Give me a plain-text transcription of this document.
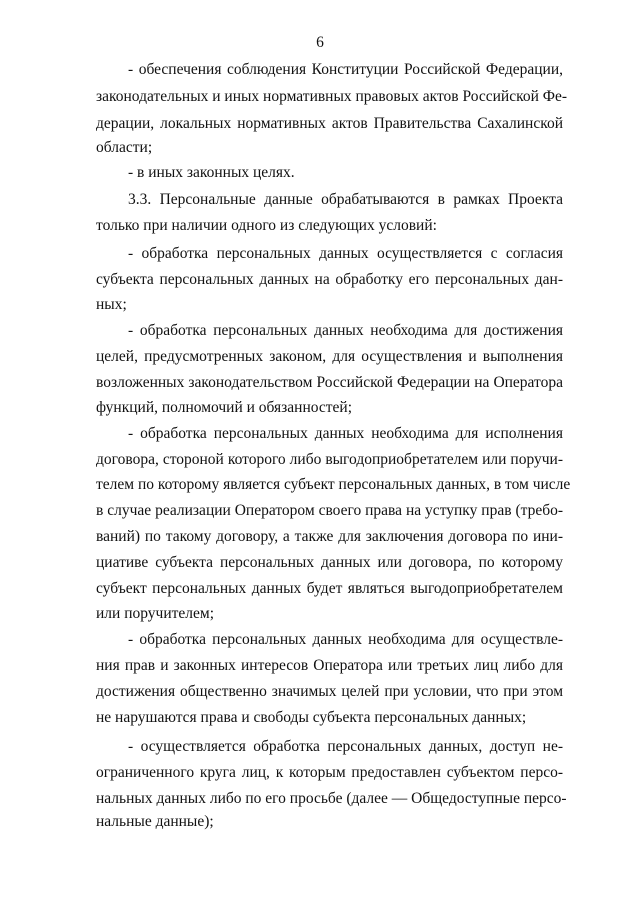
6
- обеспечения соблюдения Конституции Российской Федерации,
законодательных и иных нормативных правовых актов Российской Фе-
дерации, локальных нормативных актов Правительства Сахалинской
области;
- в иных законных целях.
3.3. Персональные данные обрабатываются в рамках Проекта
только при наличии одного из следующих условий:
- обработка персональных данных осуществляется с согласия
субъекта персональных данных на обработку его персональных дан-
ных;
- обработка персональных данных необходима для достижения
целей, предусмотренных законом, для осуществления и выполнения
возложенных законодательством Российской Федерации на Оператора
функций, полномочий и обязанностей;
- обработка персональных данных необходима для исполнения
договора, стороной которого либо выгодоприобретателем или поручи-
телем по которому является субъект персональных данных, в том числе
в случае реализации Оператором своего права на уступку прав (требо-
ваний) по такому договору, а также для заключения договора по ини-
циативе субъекта персональных данных или договора, по которому
субъект персональных данных будет являться выгодоприобретателем
или поручителем;
- обработка персональных данных необходима для осуществле-
ния прав и законных интересов Оператора или третьих лиц либо для
достижения общественно значимых целей при условии, что при этом
не нарушаются права и свободы субъекта персональных данных;
- осуществляется обработка персональных данных, доступ не-
ограниченного круга лиц, к которым предоставлен субъектом персо-
нальных данных либо по его просьбе (далее — Общедоступные персо-
нальные данные);
